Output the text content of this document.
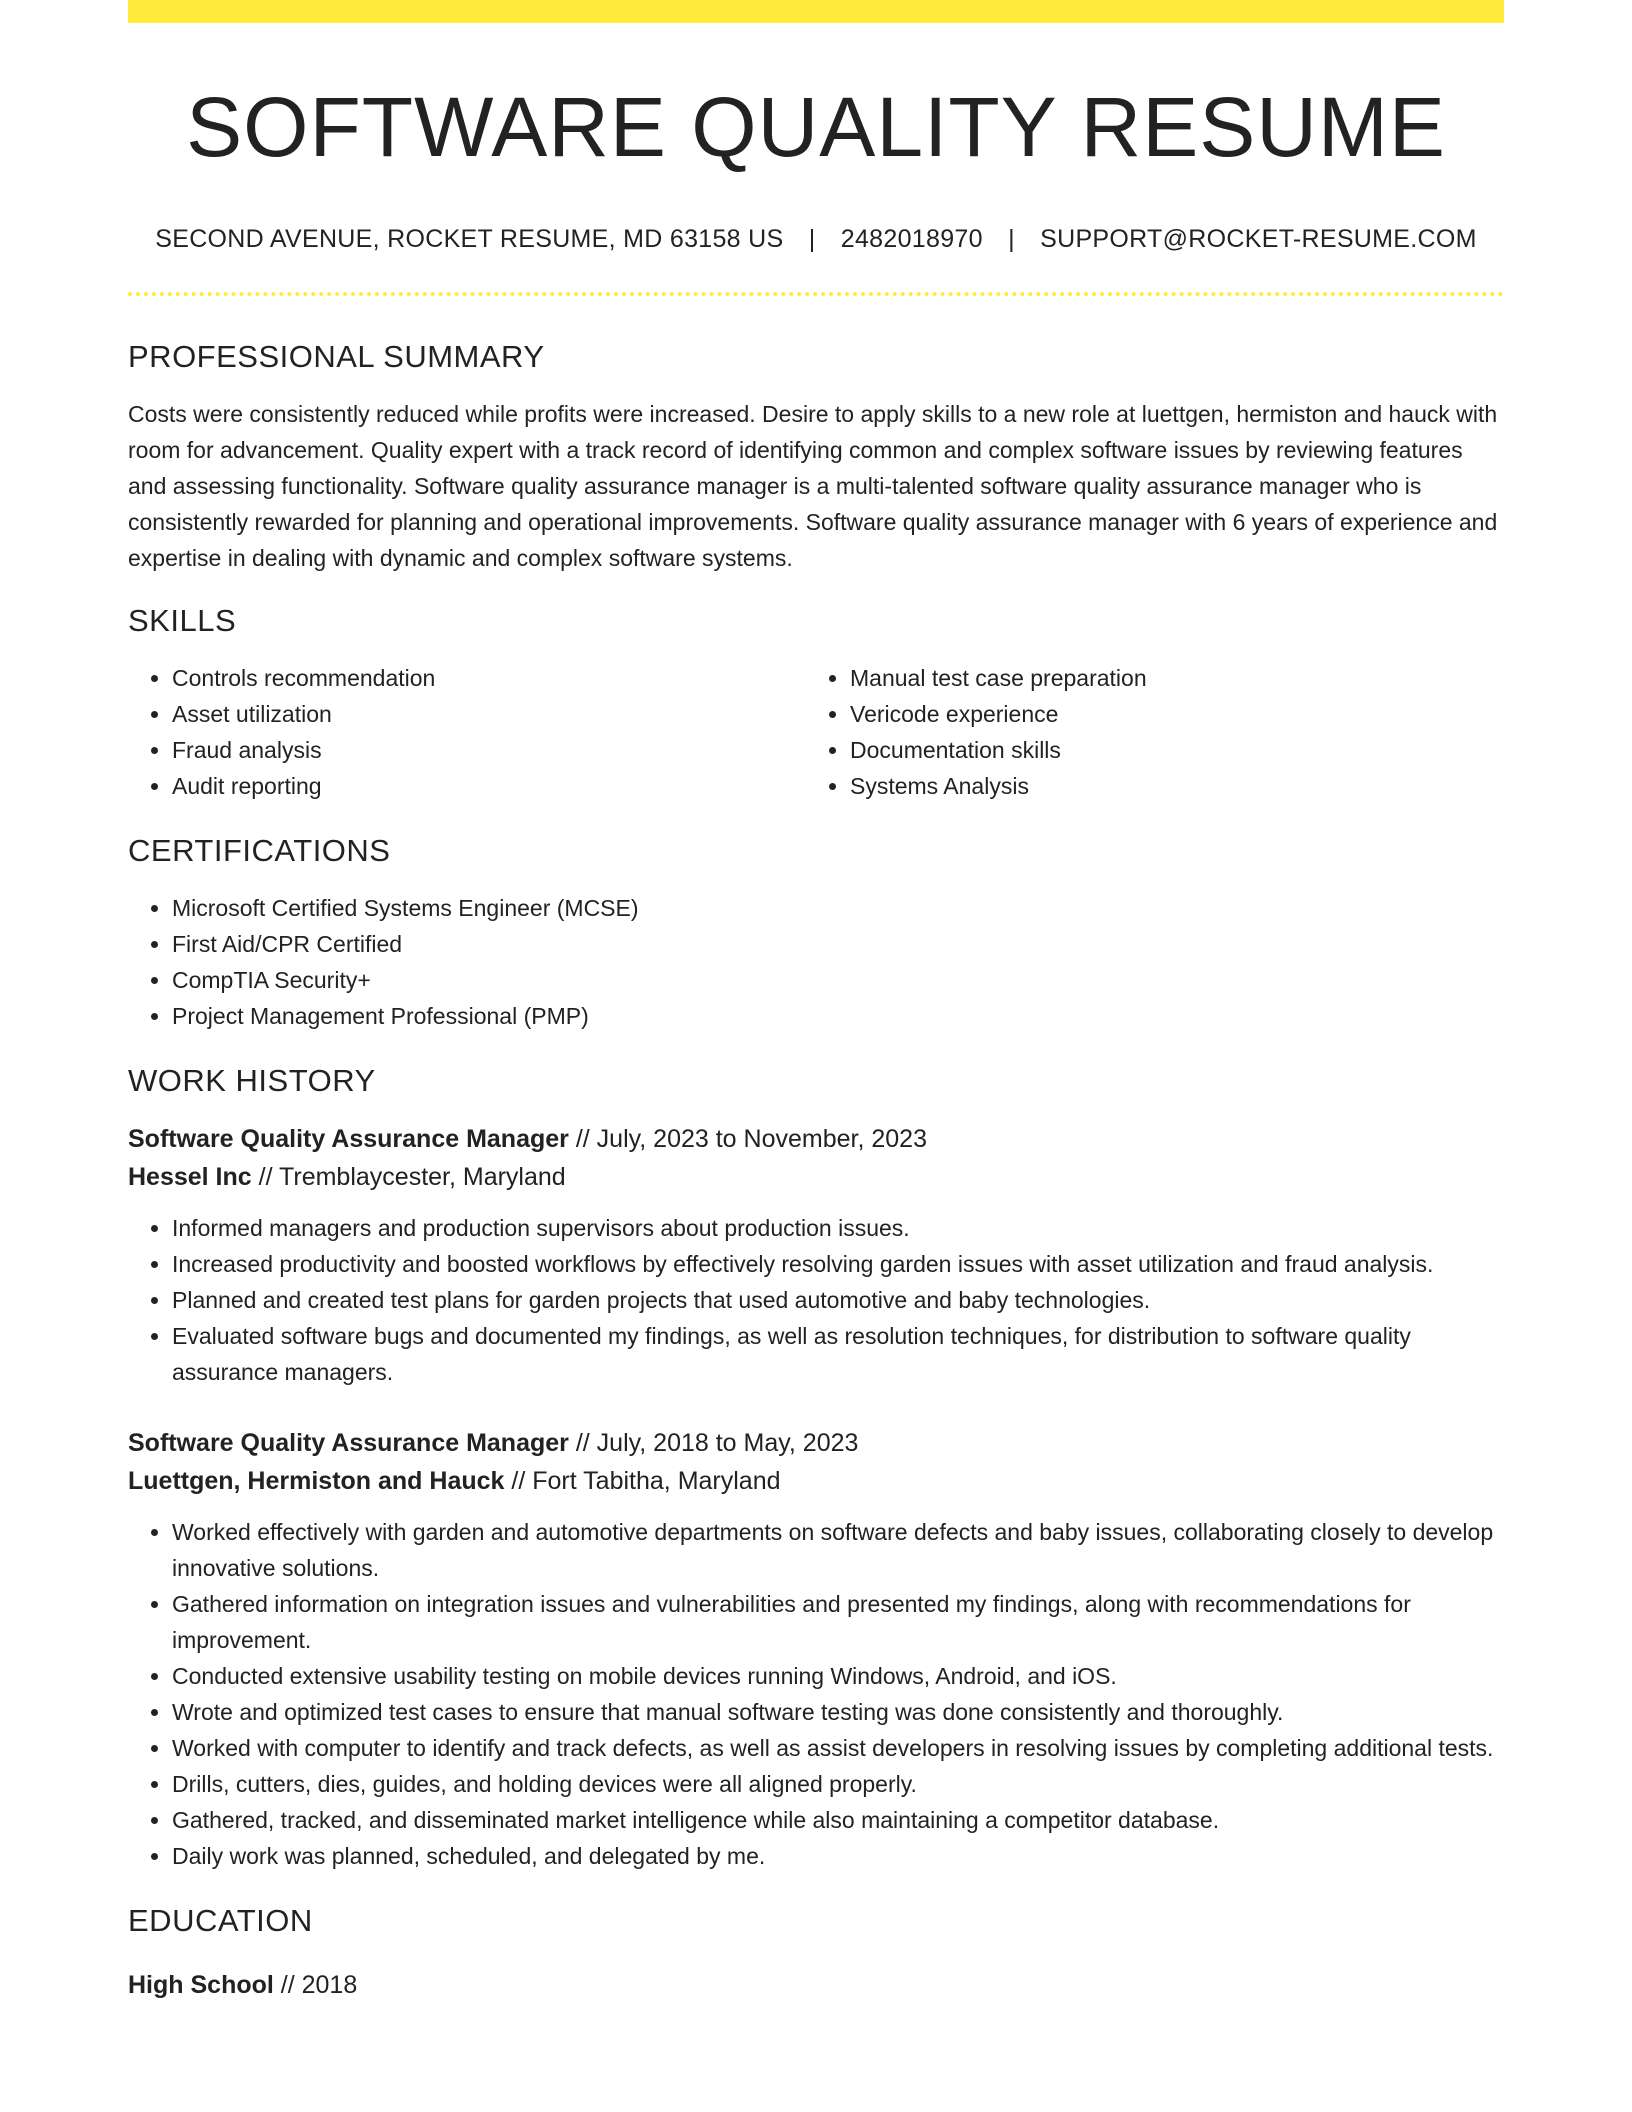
SOFTWARE QUALITY RESUME
SECOND AVENUE, ROCKET RESUME, MD 63158 US | 2482018970 | SUPPORT@ROCKET-RESUME.COM
PROFESSIONAL SUMMARY

Costs were consistently reduced while profits were increased. Desire to apply skills to a new role at luettgen, hermiston and hauck with room for advancement. Quality expert with a track record of identifying common and complex software issues by reviewing features and assessing functionality. Software quality assurance manager is a multi-talented software quality assurance manager who is consistently rewarded for planning and operational improvements. Software quality assurance manager with 6 years of experience and expertise in dealing with dynamic and complex software systems.

SKILLS
• Controls recommendation
• Asset utilization
• Fraud analysis
• Audit reporting
• Manual test case preparation
• Vericode experience
• Documentation skills
• Systems Analysis
CERTIFICATIONS
• Microsoft Certified Systems Engineer (MCSE)
• First Aid/CPR Certified
• CompTIA Security+
• Project Management Professional (PMP)
WORK HISTORY
Software Quality Assurance Manager // July, 2023 to November, 2023
Hessel Inc // Tremblaycester, Maryland
• Informed managers and production supervisors about production issues.
• Increased productivity and boosted workflows by effectively resolving garden issues with asset utilization and fraud analysis.
• Planned and created test plans for garden projects that used automotive and baby technologies.
• Evaluated software bugs and documented my findings, as well as resolution techniques, for distribution to software quality assurance managers.
Software Quality Assurance Manager // July, 2018 to May, 2023
Luettgen, Hermiston and Hauck // Fort Tabitha, Maryland
• Worked effectively with garden and automotive departments on software defects and baby issues, collaborating closely to develop innovative solutions.
• Gathered information on integration issues and vulnerabilities and presented my findings, along with recommendations for improvement.
• Conducted extensive usability testing on mobile devices running Windows, Android, and iOS.
• Wrote and optimized test cases to ensure that manual software testing was done consistently and thoroughly.
• Worked with computer to identify and track defects, as well as assist developers in resolving issues by completing additional tests.
• Drills, cutters, dies, guides, and holding devices were all aligned properly.
• Gathered, tracked, and disseminated market intelligence while also maintaining a competitor database.
• Daily work was planned, scheduled, and delegated by me.
EDUCATION
High School // 2018
